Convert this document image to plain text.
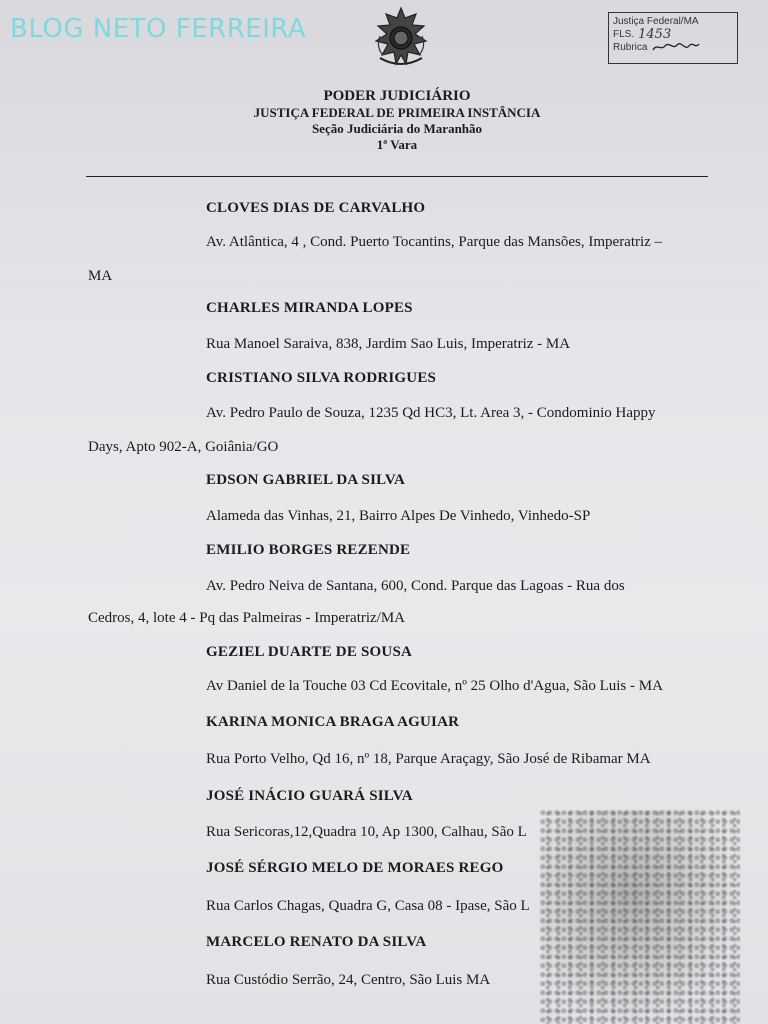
BLOG NETO FERREIRA	Justiça Federal/MA
FLS. 1453
Rubrica
PODER JUDICIÁRIO
JUSTIÇA FEDERAL DE PRIMEIRA INSTÂNCIA
Seção Judiciária do Maranhão
1ª Vara
CLOVES DIAS DE CARVALHO
Av. Atlântica, 4 , Cond. Puerto Tocantins, Parque das Mansões, Imperatriz –
MA
CHARLES MIRANDA LOPES
Rua Manoel Saraiva, 838, Jardim Sao Luis, Imperatriz - MA
CRISTIANO SILVA RODRIGUES
Av. Pedro Paulo de Souza, 1235 Qd HC3, Lt. Area 3, - Condominio Happy
Days, Apto 902-A, Goiânia/GO
EDSON GABRIEL DA SILVA
Alameda das Vinhas, 21, Bairro Alpes De Vinhedo, Vinhedo-SP
EMILIO BORGES REZENDE
Av. Pedro Neiva de Santana, 600, Cond. Parque das Lagoas - Rua dos
Cedros, 4, lote 4 - Pq das Palmeiras - Imperatriz/MA
GEZIEL DUARTE DE SOUSA
Av Daniel de la Touche 03 Cd Ecovitale, nº 25 Olho d'Agua, São Luis - MA
KARINA MONICA BRAGA AGUIAR
Rua Porto Velho, Qd 16, nº 18, Parque Araçagy, São José de Ribamar MA
JOSÉ INÁCIO GUARÁ SILVA
Rua Sericoras,12,Quadra 10, Ap 1300, Calhau, São L
JOSÉ SÉRGIO MELO DE MORAES REGO
Rua Carlos Chagas, Quadra G, Casa 08 - Ipase, São L
MARCELO RENATO DA SILVA
Rua Custódio Serrão, 24, Centro, São Luis MA
